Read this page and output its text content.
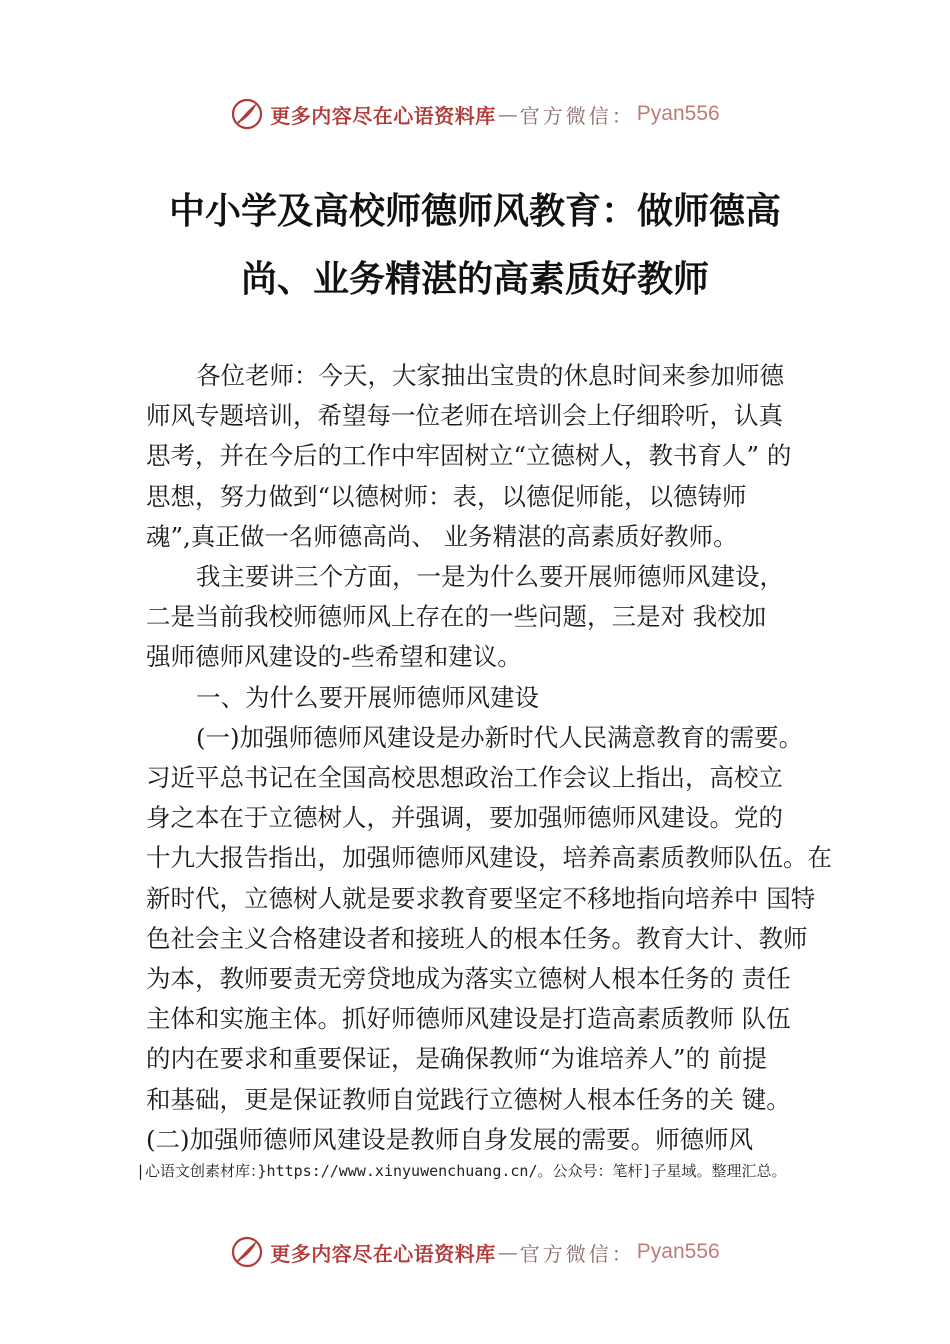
更多内容尽在心语资料库 — 官方微信： Pyan556
中小学及高校师德师风教育：做师德高
尚、业务精湛的高素质好教师
各位老师：今天，大家抽出宝贵的休息时间来参加师德
师风专题培训，希望每一位老师在培训会上仔细聆听，认真
思考，并在今后的工作中牢固树立“立德树人，教书育人” 的
思想，努力做到“以德树师：表，以德促师能，以德铸师
魂”,真正做一名师德高尚、 业务精湛的高素质好教师。
我主要讲三个方面，一是为什么要开展师德师风建设，
二是当前我校师德师风上存在的一些问题，三是对 我校加
强师德师风建设的-些希望和建议。
一、为什么要开展师德师风建设
(一)加强师德师风建设是办新时代人民满意教育的需要。
习近平总书记在全国高校思想政治工作会议上指出，高校立
身之本在于立德树人，并强调，要加强师德师风建设。党的
十九大报告指出，加强师德师风建设，培养高素质教师队伍。在
新时代，立德树人就是要求教育要坚定不移地指向培养中 国特
色社会主义合格建设者和接班人的根本任务。教育大计、教师
为本，教师要责无旁贷地成为落实立德树人根本任务的 责任
主体和实施主体。抓好师德师风建设是打造高素质教师 队伍
的内在要求和重要保证，是确保教师“为谁培养人”的 前提
和基础，更是保证教师自觉践行立德树人根本任务的关 键。
(二)加强师德师风建设是教师自身发展的需要。师德师风
|心语文创素材库：}https://www.xinyuwenchuang.cn/。公众号：笔杆]子星域。整理汇总。
更多内容尽在心语资料库 — 官方微信： Pyan556
